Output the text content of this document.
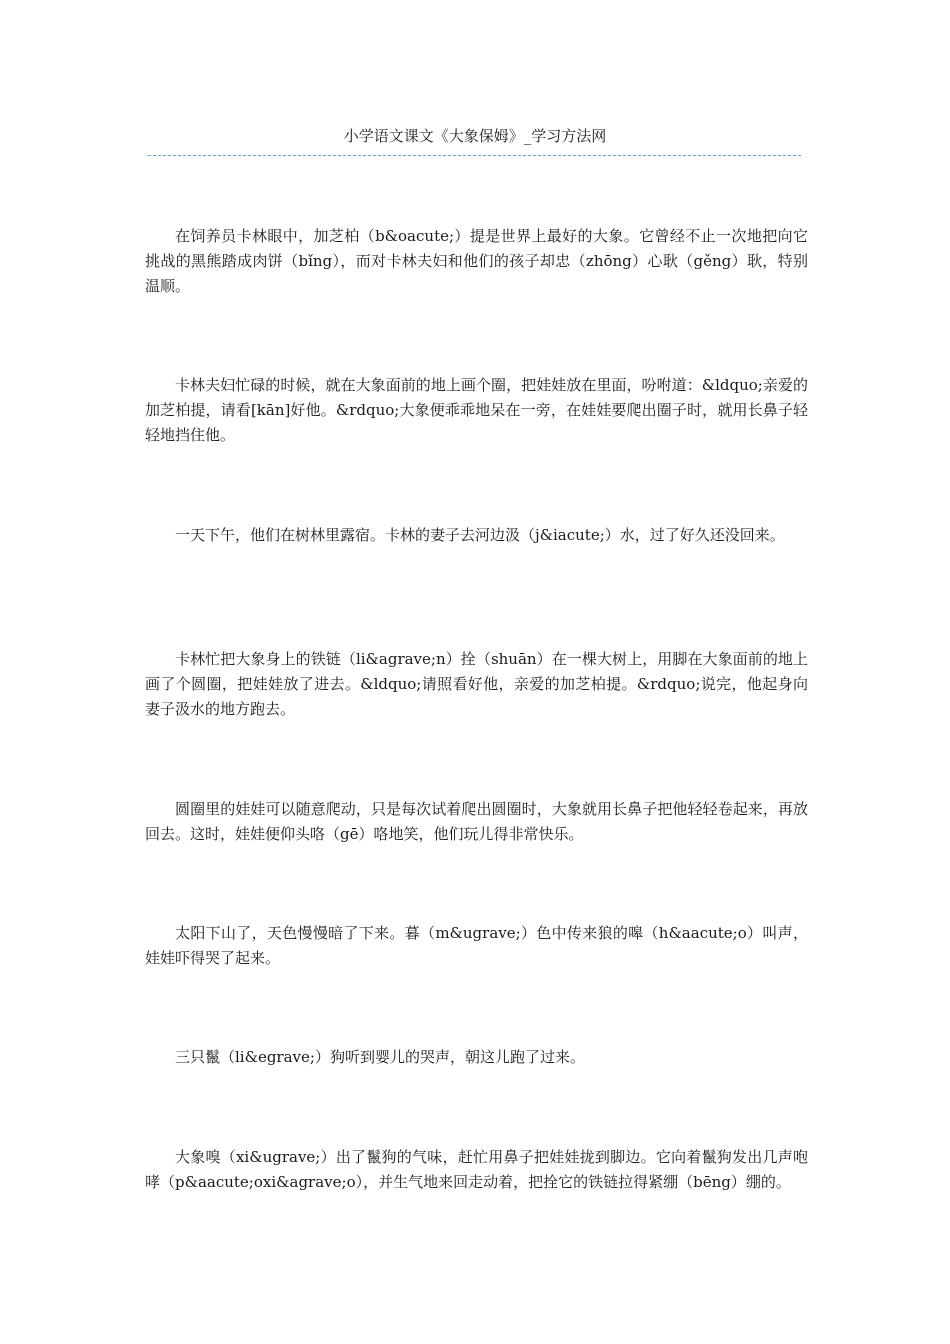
小学语文课文《大象保姆》_学习方法网

在饲养员卡林眼中，加芝柏（b&oacute;）提是世界上最好的大象。它曾经不止一次地把向它挑战的黑熊踏成肉饼（bǐng），而对卡林夫妇和他们的孩子却忠（zhōng）心耿（gěng）耿，特别温顺。

卡林夫妇忙碌的时候，就在大象面前的地上画个圈，把娃娃放在里面，吩咐道：&ldquo;亲爱的加芝柏提，请看[kān]好他。&rdquo;大象便乖乖地呆在一旁，在娃娃要爬出圈子时，就用长鼻子轻轻地挡住他。

一天下午，他们在树林里露宿。卡林的妻子去河边汲（j&iacute;）水，过了好久还没回来。

卡林忙把大象身上的铁链（li&agrave;n）拴（shuān）在一棵大树上，用脚在大象面前的地上画了个圆圈，把娃娃放了进去。&ldquo;请照看好他，亲爱的加芝柏提。&rdquo;说完，他起身向妻子汲水的地方跑去。

圆圈里的娃娃可以随意爬动，只是每次试着爬出圆圈时，大象就用长鼻子把他轻轻卷起来，再放回去。这时，娃娃便仰头咯（gē）咯地笑，他们玩儿得非常快乐。

太阳下山了，天色慢慢暗了下来。暮（m&ugrave;）色中传来狼的嗥（h&aacute;o）叫声，娃娃吓得哭了起来。

三只鬣（li&egrave;）狗听到婴儿的哭声，朝这儿跑了过来。

大象嗅（xi&ugrave;）出了鬣狗的气味，赶忙用鼻子把娃娃拢到脚边。它向着鬣狗发出几声咆哮（p&aacute;oxi&agrave;o），并生气地来回走动着，把拴它的铁链拉得紧绷（bēng）绷的。
